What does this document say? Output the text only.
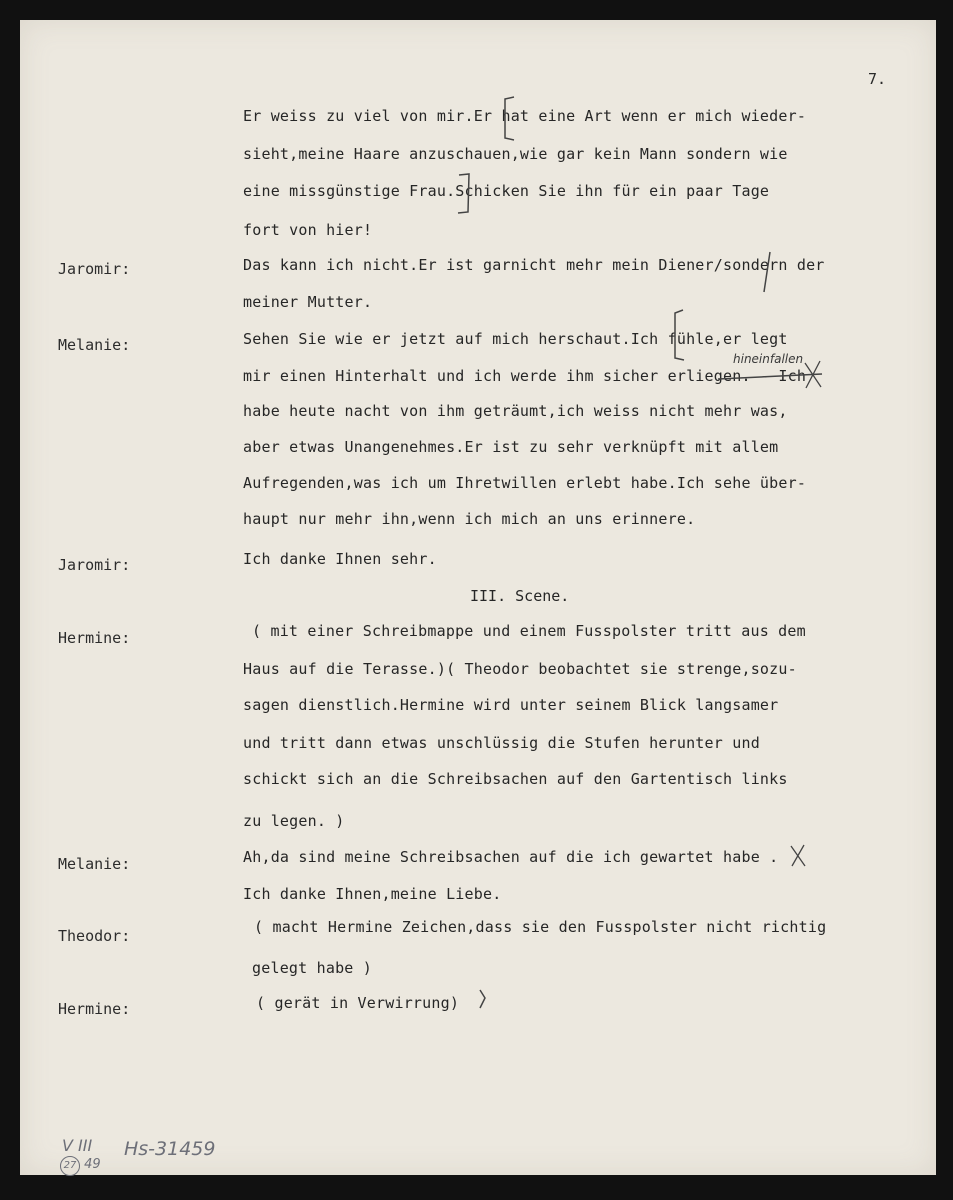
7.
Jaromir:
Melanie:
Jaromir:
Hermine:
Melanie:
Theodor:
Hermine:
Er weiss zu viel von mir.Er hat eine Art wenn er mich wieder-
sieht,meine Haare anzuschauen,wie gar kein Mann sondern wie
eine missgünstige Frau.Schicken Sie ihn für ein paar Tage
fort von hier!
Das kann ich nicht.Er ist garnicht mehr mein Diener/sondern der
meiner Mutter.
Sehen Sie wie er jetzt auf mich herschaut.Ich fühle,er legt
mir einen Hinterhalt und ich werde ihm sicher erliegen. - Ich
habe heute nacht von ihm geträumt,ich weiss nicht mehr was,
aber etwas Unangenehmes.Er ist zu sehr verknüpft mit allem
Aufregenden,was ich um Ihretwillen erlebt habe.Ich sehe über-
haupt nur mehr ihn,wenn ich mich an uns erinnere.
Ich danke Ihnen sehr.
III. Scene.
( mit einer Schreibmappe und einem Fusspolster tritt aus dem
Haus auf die Terasse.)( Theodor beobachtet sie strenge,sozu-
sagen dienstlich.Hermine wird unter seinem Blick langsamer
und tritt dann etwas unschlüssig die Stufen herunter und
schickt sich an die Schreibsachen auf den Gartentisch links
zu legen. )
Ah,da sind meine Schreibsachen auf die ich gewartet habe .
Ich danke Ihnen,meine Liebe.
( macht Hermine Zeichen,dass sie den Fusspolster nicht richtig
gelegt habe )
( gerät in Verwirrung)
hineinfallen
V III
27 49
Hs-31459
